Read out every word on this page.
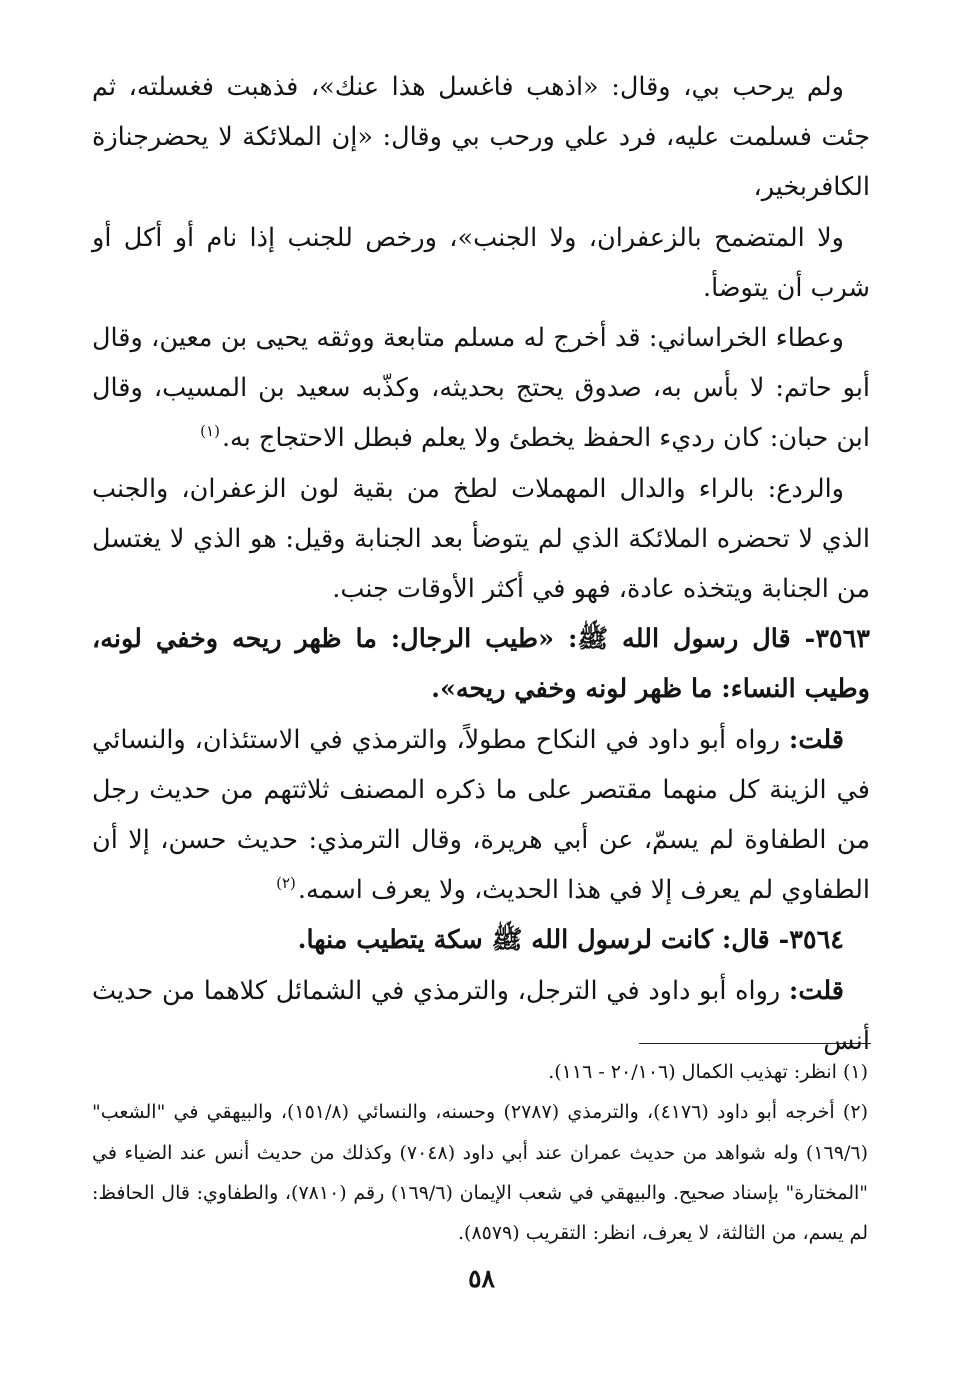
ولم يرحب بي، وقال: «اذهب فاغسل هذا عنك»، فذهبت فغسلته، ثم جئت فسلمت عليه، فرد علي ورحب بي وقال: «إن الملائكة لا يحضرجنازة الكافربخير،

ولا المتضمح بالزعفران، ولا الجنب»، ورخص للجنب إذا نام أو أكل أو شرب أن يتوضأ.

وعطاء الخراساني: قد أخرج له مسلم متابعة ووثقه يحيى بن معين، وقال أبو حاتم: لا بأس به، صدوق يحتج بحديثه، وكذّبه سعيد بن المسيب، وقال ابن حبان: كان رديء الحفظ يخطئ ولا يعلم فبطل الاحتجاج به.$^{(١)}$

والردع: بالراء والدال المهملات لطخ من بقية لون الزعفران، والجنب الذي لا تحضره الملائكة الذي لم يتوضأ بعد الجنابة وقيل: هو الذي لا يغتسل من الجنابة ويتخذه عادة، فهو في أكثر الأوقات جنب.

٣٥٦٣- قال رسول الله ﷺ: «طيب الرجال: ما ظهر ريحه وخفي لونه، وطيب النساء: ما ظهر لونه وخفي ريحه».

قلت: رواه أبو داود في النكاح مطولاً، والترمذي في الاستئذان، والنسائي في الزينة كل منهما مقتصر على ما ذكره المصنف ثلاثتهم من حديث رجل من الطفاوة لم يسمّ، عن أبي هريرة، وقال الترمذي: حديث حسن، إلا أن الطفاوي لم يعرف إلا في هذا الحديث، ولا يعرف اسمه.$^{(٢)}$

٣٥٦٤- قال: كانت لرسول الله ﷺ سكة يتطيب منها.

قلت: رواه أبو داود في الترجل، والترمذي في الشمائل كلاهما من حديث أنس

(١) انظر: تهذيب الكمال (٢٠/١٠٦ - ١١٦).

(٢) أخرجه أبو داود (٤١٧٦)، والترمذي (٢٧٨٧) وحسنه، والنسائي (١٥١/٨)، والبيهقي في "الشعب" (١٦٩/٦) وله شواهد من حديث عمران عند أبي داود (٧٠٤٨) وكذلك من حديث أنس عند الضياء في "المختارة" بإسناد صحيح. والبيهقي في شعب الإيمان (١٦٩/٦) رقم (٧٨١٠)، والطفاوي: قال الحافظ: لم يسم، من الثالثة، لا يعرف، انظر: التقريب (٨٥٧٩).

٥٨
